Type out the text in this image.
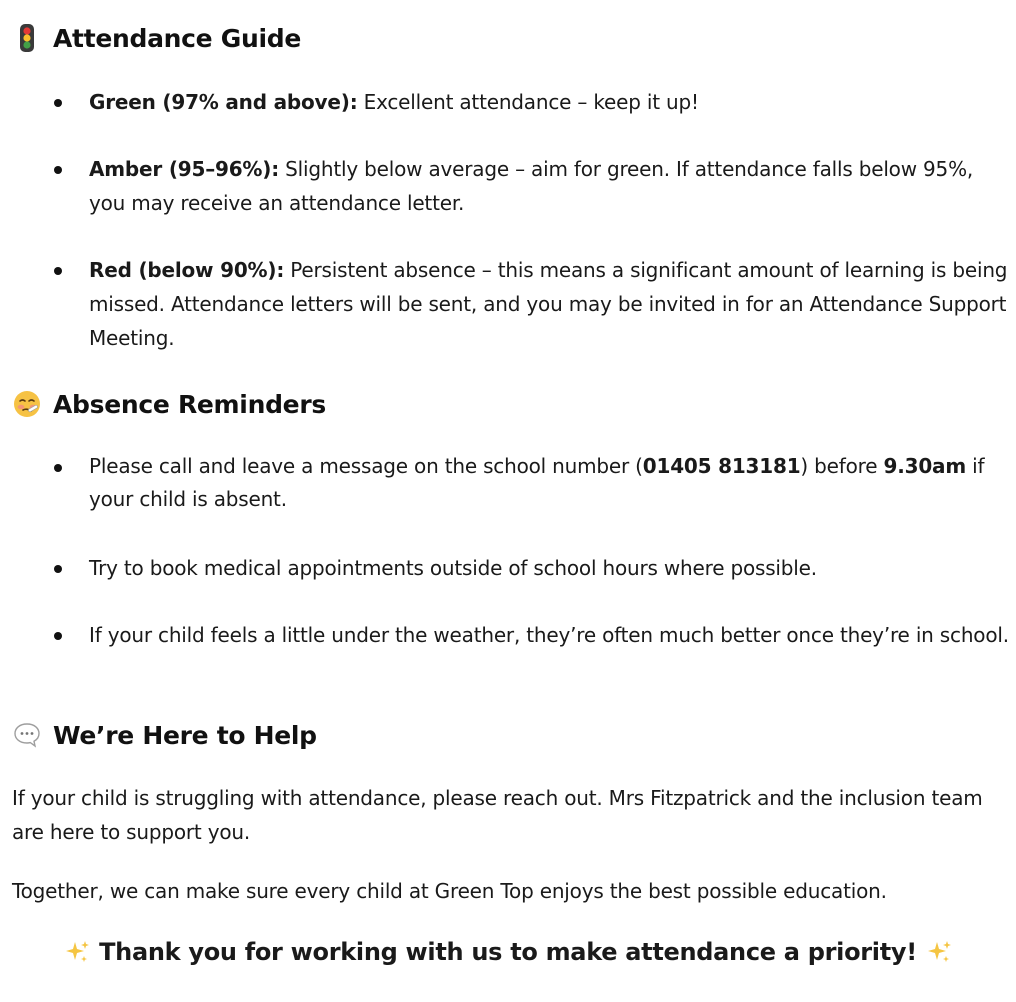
Attendance Guide
Green (97% and above): Excellent attendance – keep it up!
Amber (95–96%): Slightly below average – aim for green. If attendance falls below 95%, you may receive an attendance letter.
Red (below 90%): Persistent absence – this means a significant amount of learning is being missed. Attendance letters will be sent, and you may be invited in for an Attendance Support Meeting.
Absence Reminders
Please call and leave a message on the school number (01405 813181) before 9.30am if your child is absent.
Try to book medical appointments outside of school hours where possible.
If your child feels a little under the weather, they’re often much better once they’re in school.
We’re Here to Help

If your child is struggling with attendance, please reach out. Mrs Fitzpatrick and the inclusion team are here to support you.

Together, we can make sure every child at Green Top enjoys the best possible education.

Thank you for working with us to make attendance a priority!
